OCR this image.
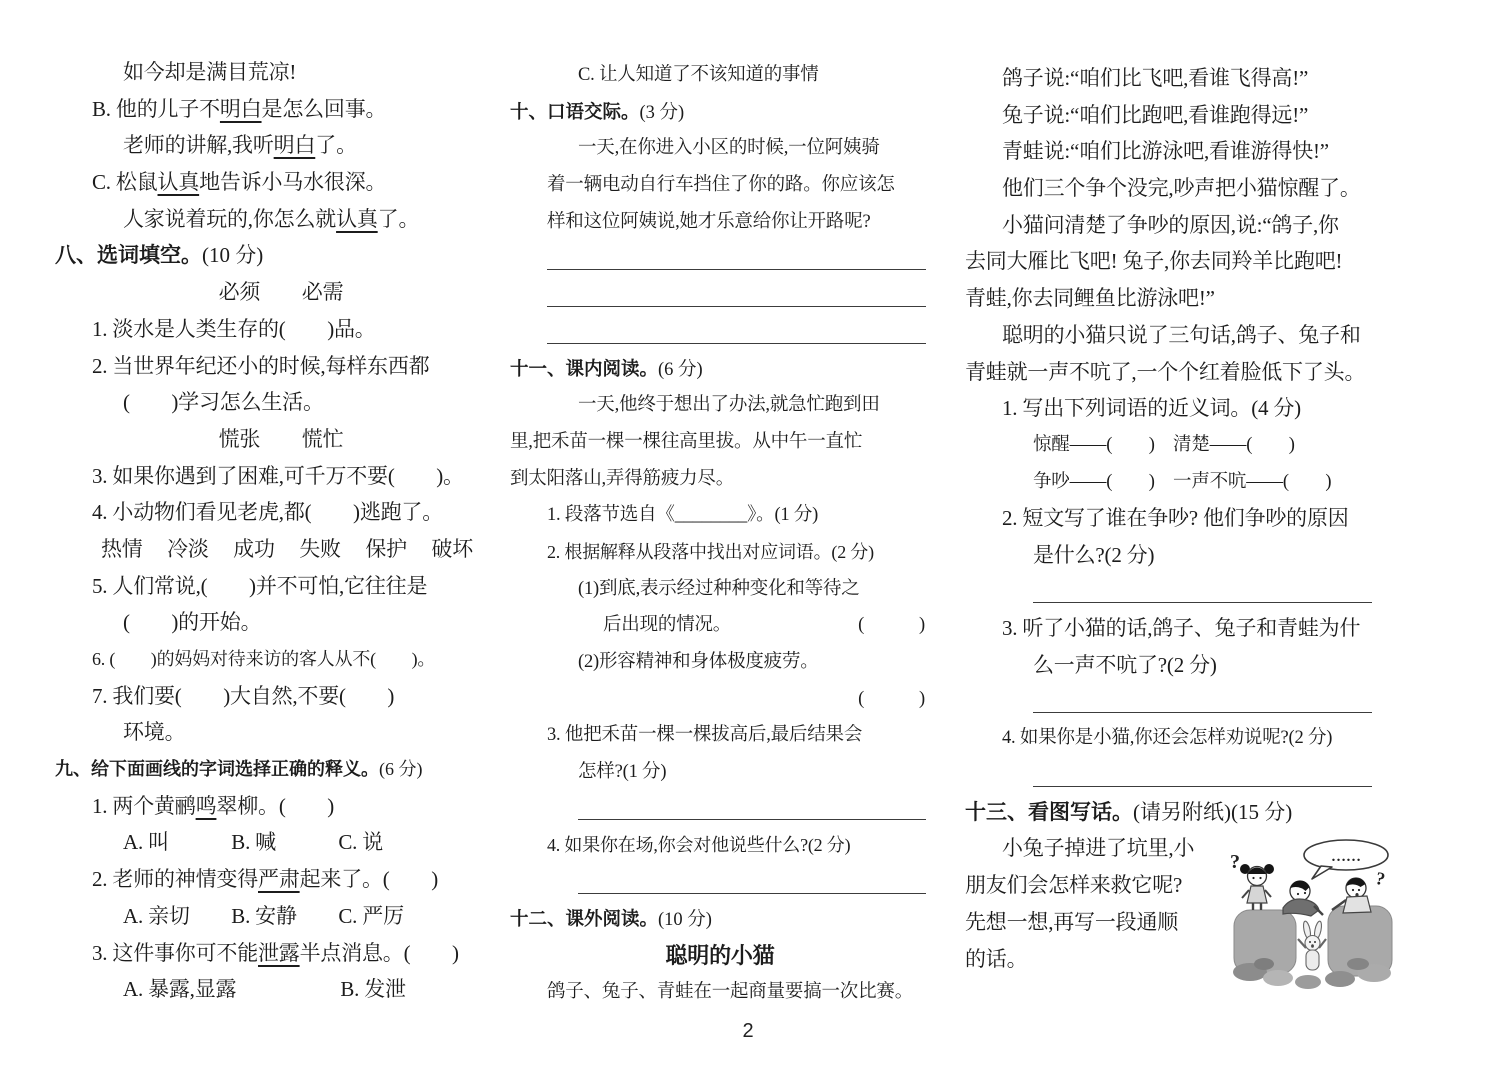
如今却是满目荒凉!
B. 他的儿子不明白是怎么回事。
老师的讲解,我听明白了。
C. 松鼠认真地告诉小马水很深。
人家说着玩的,你怎么就认真了。
八、选词填空。(10 分)
必须　　必需
1. 淡水是人类生存的(　　)品。
2. 当世界年纪还小的时候,每样东西都
(　　)学习怎么生活。
慌张　　慌忙
3. 如果你遇到了困难,可千万不要(　　)。
4. 小动物们看见老虎,都(　　)逃跑了。
热情 冷淡 成功 失败 保护 破坏
5. 人们常说,(　　)并不可怕,它往往是
(　　)的开始。
6. (　　)的妈妈对待来访的客人从不(　　)。
7. 我们要(　　)大自然,不要(　　)
环境。
九、给下面画线的字词选择正确的释义。(6 分)
1. 两个黄鹂鸣翠柳。(　　)
A. 叫　　　B. 喊　　　C. 说
2. 老师的神情变得严肃起来了。(　　)
A. 亲切　　B. 安静　　C. 严厉
3. 这件事你可不能泄露半点消息。(　　)
A. 暴露,显露　　　　　B. 发泄
C. 让人知道了不该知道的事情
十、口语交际。(3 分)
一天,在你进入小区的时候,一位阿姨骑
着一辆电动自行车挡住了你的路。你应该怎
样和这位阿姨说,她才乐意给你让开路呢?
十一、课内阅读。(6 分)
一天,他终于想出了办法,就急忙跑到田
里,把禾苗一棵一棵往高里拔。从中午一直忙
到太阳落山,弄得筋疲力尽。
1. 段落节选自《________》。(1 分)
2. 根据解释从段落中找出对应词语。(2 分)
(1)到底,表示经过种种变化和等待之
后出现的情况。	(　　　)
(2)形容精神和身体极度疲劳。
(　　　)
3. 他把禾苗一棵一棵拔高后,最后结果会
怎样?(1 分)
4. 如果你在场,你会对他说些什么?(2 分)
十二、课外阅读。(10 分)
聪明的小猫
鸽子、兔子、青蛙在一起商量要搞一次比赛。
鸽子说:“咱们比飞吧,看谁飞得高!”
兔子说:“咱们比跑吧,看谁跑得远!”
青蛙说:“咱们比游泳吧,看谁游得快!”
他们三个争个没完,吵声把小猫惊醒了。
小猫问清楚了争吵的原因,说:“鸽子,你
去同大雁比飞吧! 兔子,你去同羚羊比跑吧!
青蛙,你去同鲤鱼比游泳吧!”
聪明的小猫只说了三句话,鸽子、兔子和
青蛙就一声不吭了,一个个红着脸低下了头。
1. 写出下列词语的近义词。(4 分)
惊醒——(　　)　清楚——(　　)
争吵——(　　)　一声不吭——(　　)
2. 短文写了谁在争吵? 他们争吵的原因
是什么?(2 分)
3. 听了小猫的话,鸽子、兔子和青蛙为什
么一声不吭了?(2 分)
4. 如果你是小猫,你还会怎样劝说呢?(2 分)
十三、看图写话。(请另附纸)(15 分)
小兔子掉进了坑里,小
朋友们会怎样来救它呢?
先想一想,再写一段通顺
的话。
……
?
?
2
